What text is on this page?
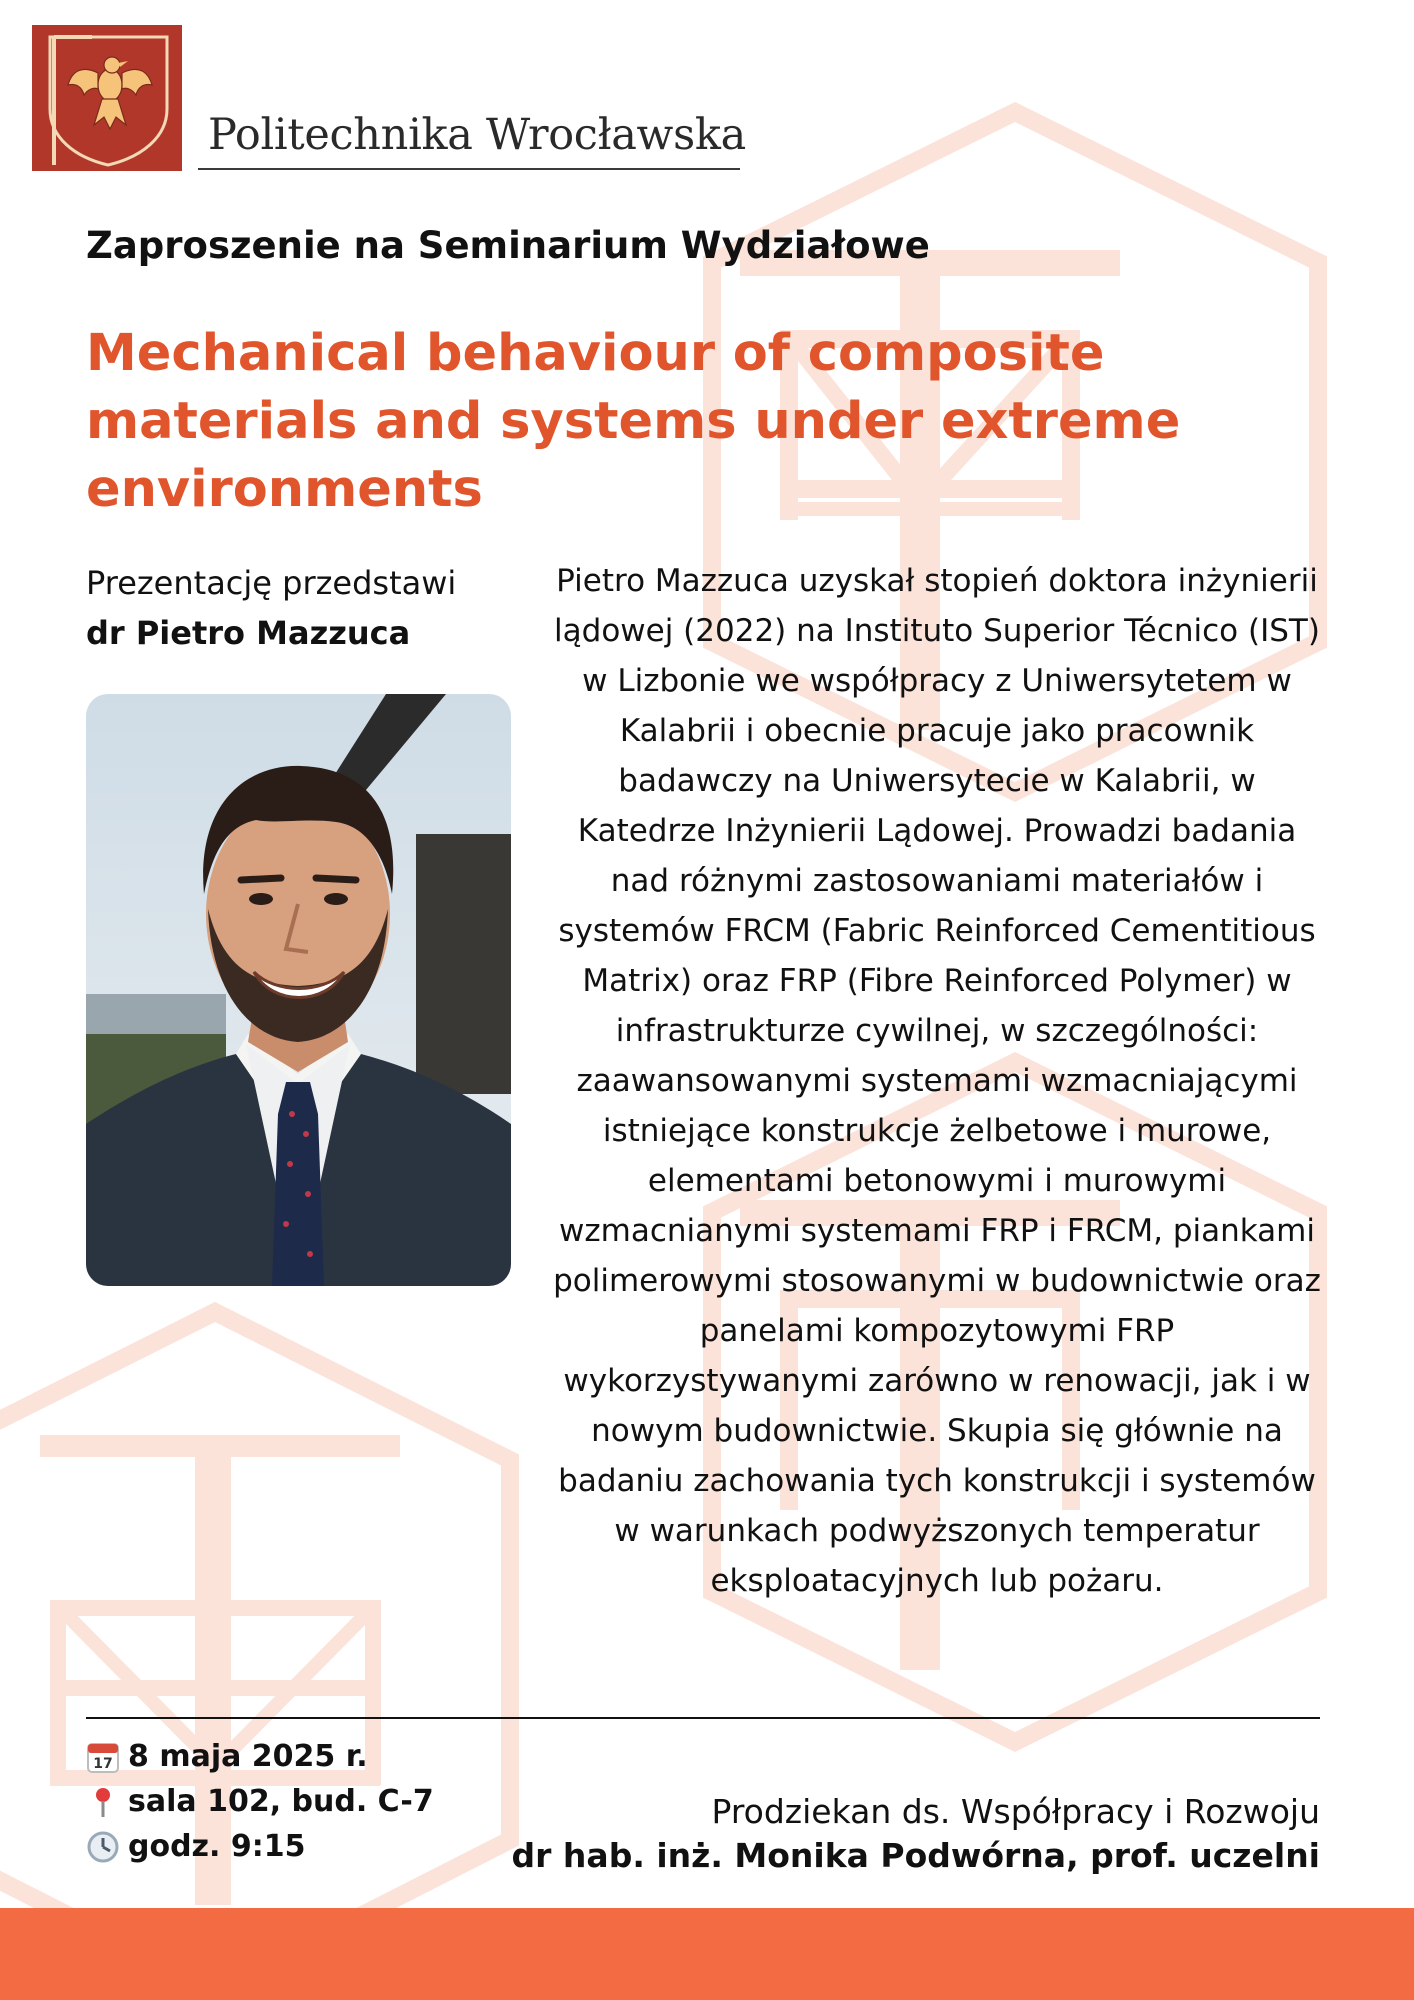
Politechnika Wrocławska
Zaproszenie na Seminarium Wydziałowe
Mechanical behaviour of composite materials and systems under extreme environments
Prezentację przedstawi
dr Pietro Mazzuca

Pietro Mazzuca uzyskał stopień doktora inżynierii lądowej (2022) na Instituto Superior Técnico (IST) w Lizbonie we współpracy z Uniwersytetem w Kalabrii i obecnie pracuje jako pracownik badawczy na Uniwersytecie w Kalabrii, w Katedrze Inżynierii Lądowej. Prowadzi badania nad różnymi zastosowaniami materiałów i systemów FRCM (Fabric Reinforced Cementitious Matrix) oraz FRP (Fibre Reinforced Polymer) w infrastrukturze cywilnej, w szczególności: zaawansowanymi systemami wzmacniającymi istniejące konstrukcje żelbetowe i murowe, elementami betonowymi i murowymi wzmacnianymi systemami FRP i FRCM, piankami polimerowymi stosowanymi w budownictwie oraz panelami kompozytowymi FRP wykorzystywanymi zarówno w renowacji, jak i w nowym budownictwie. Skupia się głównie na badaniu zachowania tych konstrukcji i systemów w warunkach podwyższonych temperatur eksploatacyjnych lub pożaru.

17 8 maja 2025 r.
sala 102, bud. C-7
godz. 9:15
Prodziekan ds. Współpracy i Rozwoju
dr hab. inż. Monika Podwórna, prof. uczelni
